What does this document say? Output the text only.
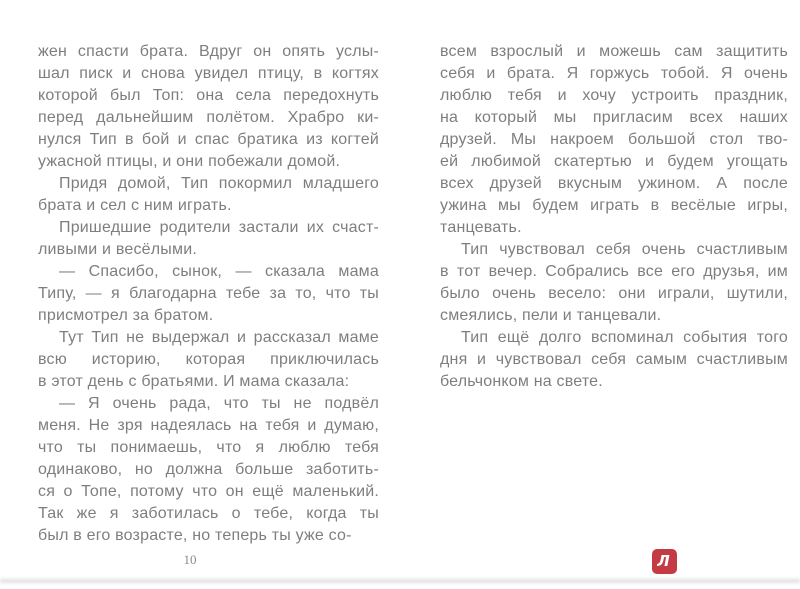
жен спасти брата. Вдруг он опять услы-
шал писк и снова увидел птицу, в когтях
которой был Топ: она села передохнуть
перед дальнейшим полётом. Храбро ки-
нулся Тип в бой и спас братика из когтей
ужасной птицы, и они побежали домой.
Придя домой, Тип покормил младшего
брата и сел с ним играть.
Пришедшие родители застали их счаст-
ливыми и весёлыми.
— Спасибо, сынок, — сказала мама
Типу, — я благодарна тебе за то, что ты
присмотрел за братом.
Тут Тип не выдержал и рассказал маме
всю историю, которая приключилась
в этот день с братьями. И мама сказала:
— Я очень рада, что ты не подвёл
меня. Не зря надеялась на тебя и думаю,
что ты понимаешь, что я люблю тебя
одинаково, но должна больше заботить-
ся о Топе, потому что он ещё маленький.
Так же я заботилась о тебе, когда ты
был в его возрасте, но теперь ты уже со-
всем взрослый и можешь сам защитить
себя и брата. Я горжусь тобой. Я очень
люблю тебя и хочу устроить праздник,
на который мы пригласим всех наших
друзей. Мы накроем большой стол тво-
ей любимой скатертью и будем угощать
всех друзей вкусным ужином. А после
ужина мы будем играть в весёлые игры,
танцевать.
Тип чувствовал себя очень счастливым
в тот вечер. Собрались все его друзья, им
было очень весело: они играли, шутили,
смеялись, пели и танцевали.
Тип ещё долго вспоминал события того
дня и чувствовал себя самым счастливым
бельчонком на свете.
10	Л
